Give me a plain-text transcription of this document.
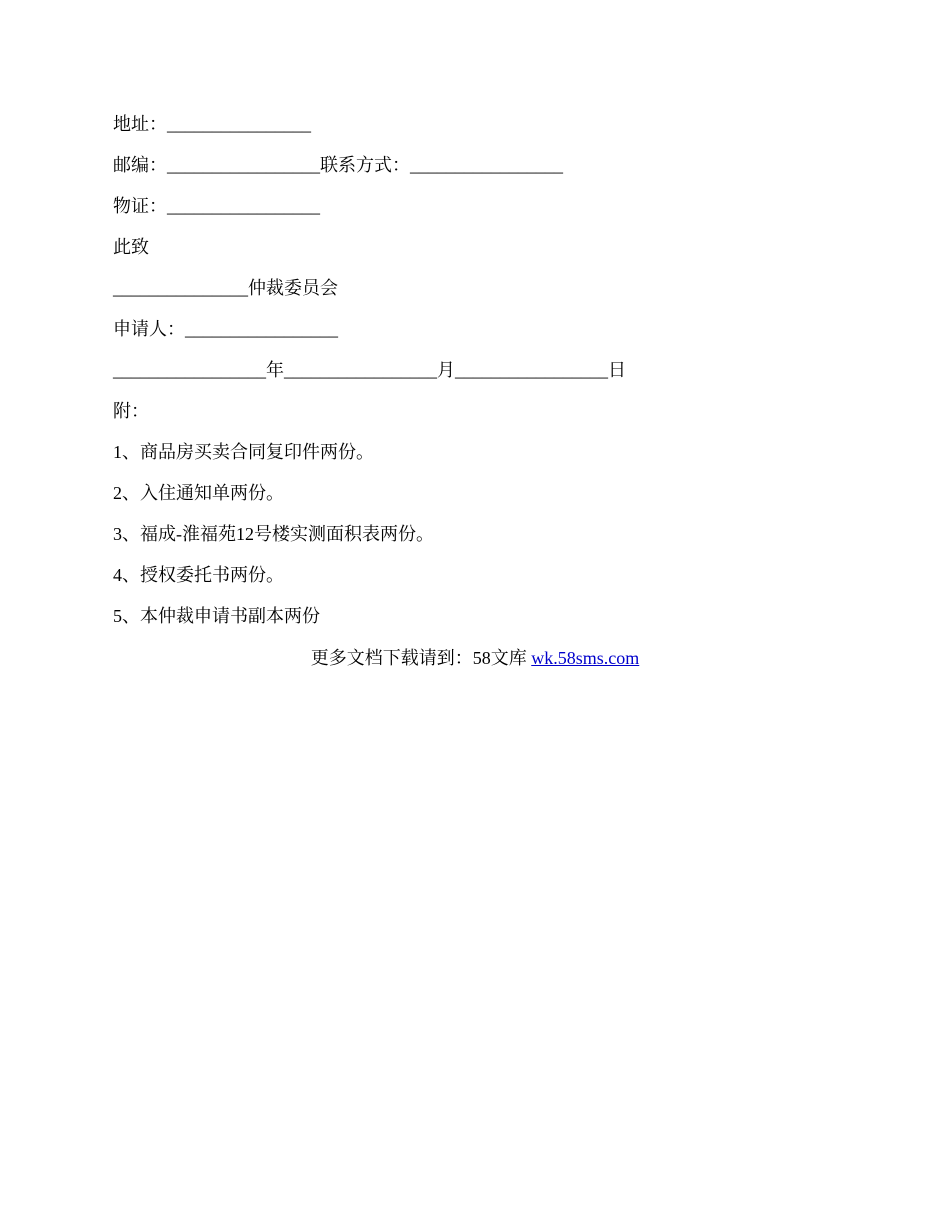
地址：________________
邮编：_________________联系方式：_________________
物证：_________________
此致
_______________仲裁委员会
申请人：_________________
_________________年_________________月_________________日
附：
1、商品房买卖合同复印件两份。
2、入住通知单两份。
3、福成-淮福苑12号楼实测面积表两份。
4、授权委托书两份。
5、本仲裁申请书副本两份
更多文档下载请到：58文库 wk.58sms.com
